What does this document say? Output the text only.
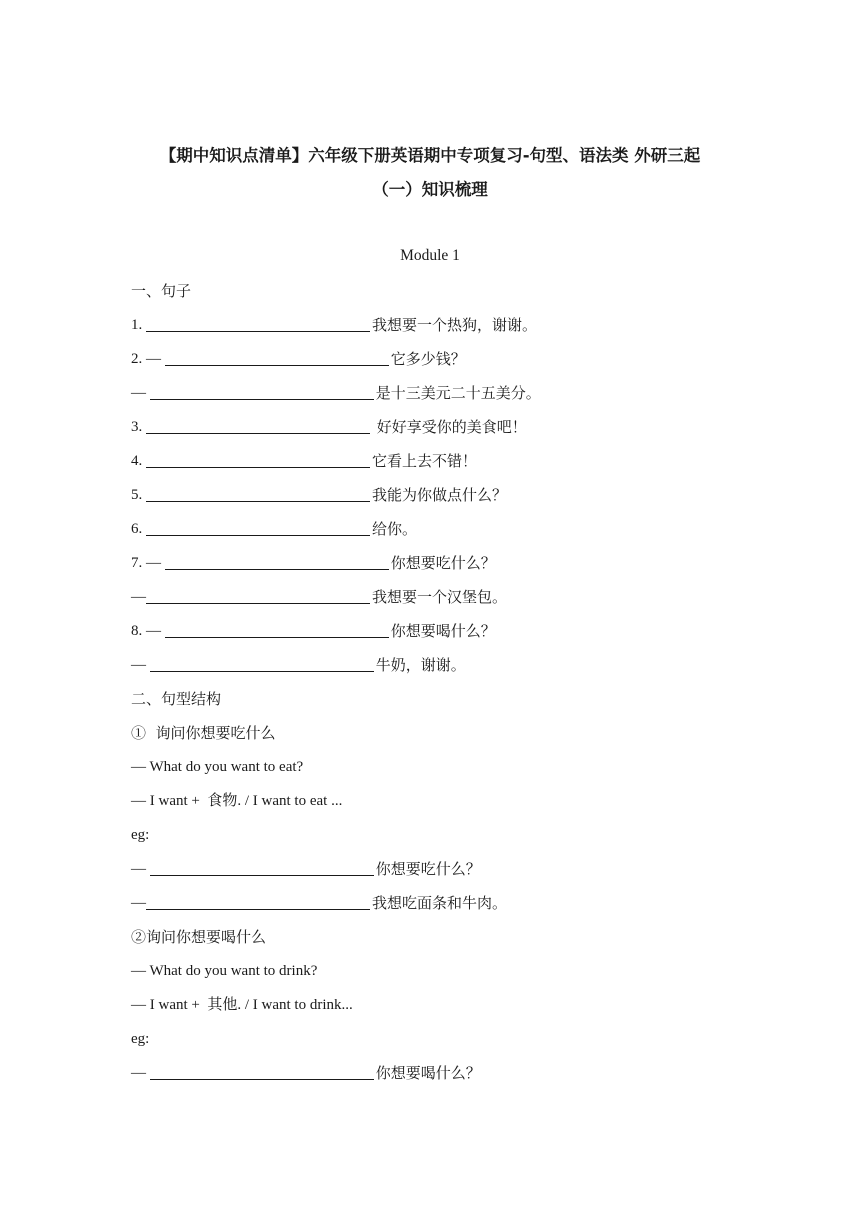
【期中知识点清单】六年级下册英语期中专项复习-句型、语法类 外研三起
（一）知识梳理
Module 1
一、句子
1.	我想要一个热狗，谢谢。
2. —	它多少钱？
—	是十三美元二十五美分。
3.	好好享受你的美食吧！
4.	它看上去不错！
5.	我能为你做点什么？
6.	给你。
7. —	你想要吃什么？
—	我想要一个汉堡包。
8. —	你想要喝什么？
—	牛奶，谢谢。
二、句型结构
①  询问你想要吃什么
— What do you want to eat?
— I want +  食物. / I want to eat ...
eg:
—	你想要吃什么？
—	我想吃面条和牛肉。
②询问你想要喝什么
— What do you want to drink?
— I want +  其他. / I want to drink...
eg:
—	你想要喝什么？
